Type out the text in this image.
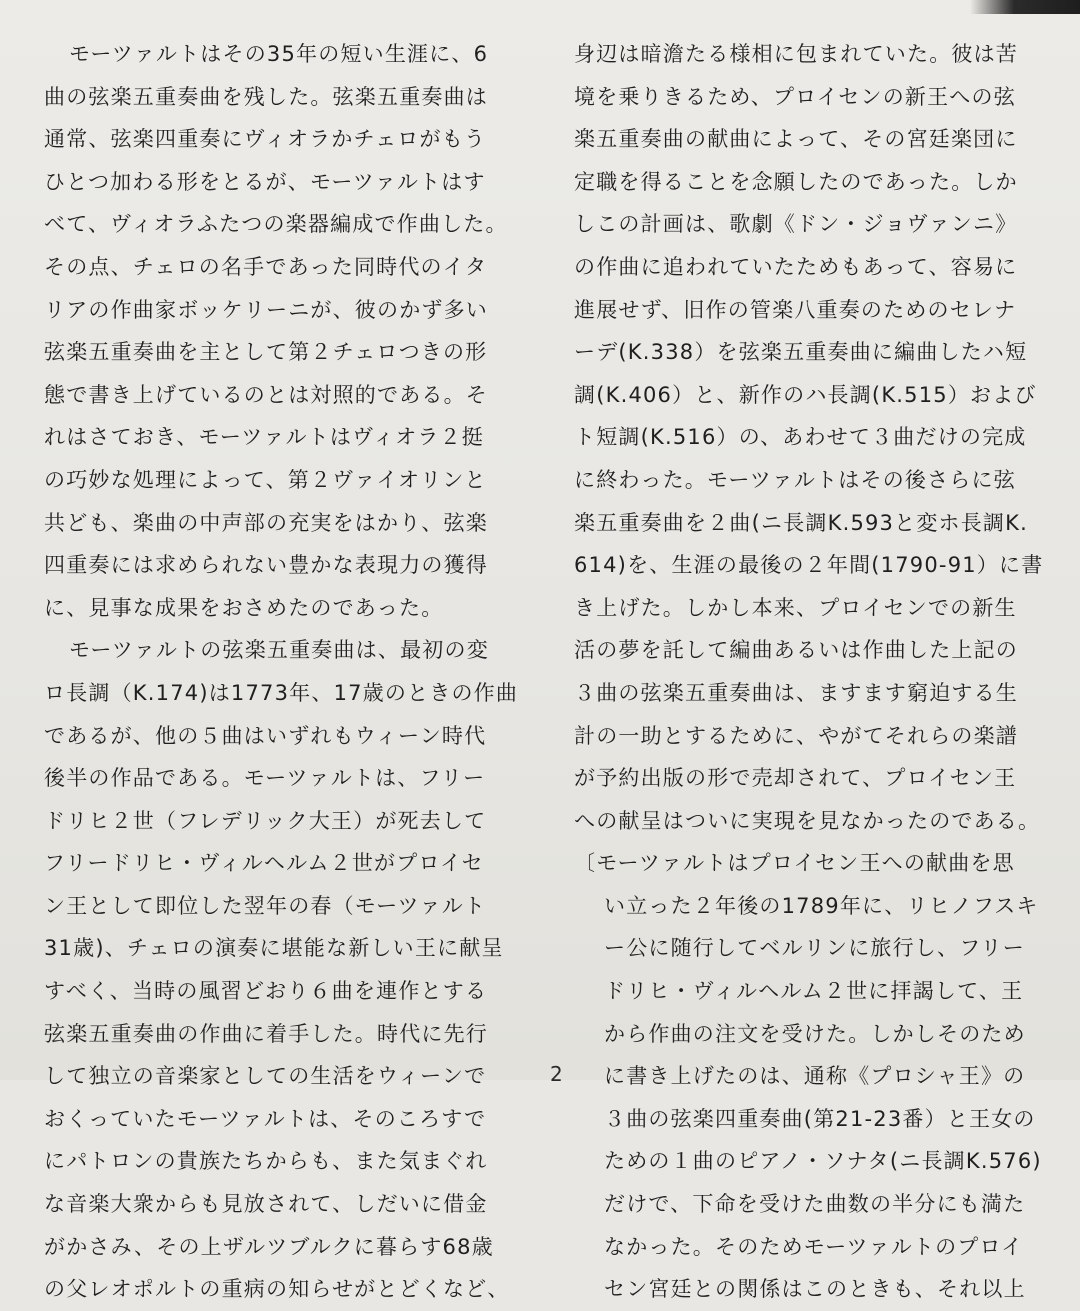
モーツァルトはその35年の短い生涯に、6
曲の弦楽五重奏曲を残した。弦楽五重奏曲は
通常、弦楽四重奏にヴィオラかチェロがもう
ひとつ加わる形をとるが、モーツァルトはす
べて、ヴィオラふたつの楽器編成で作曲した。
その点、チェロの名手であった同時代のイタ
リアの作曲家ボッケリーニが、彼のかず多い
弦楽五重奏曲を主として第２チェロつきの形
態で書き上げているのとは対照的である。そ
れはさておき、モーツァルトはヴィオラ２挺
の巧妙な処理によって、第２ヴァイオリンと
共ども、楽曲の中声部の充実をはかり、弦楽
四重奏には求められない豊かな表現力の獲得
に、見事な成果をおさめたのであった。
モーツァルトの弦楽五重奏曲は、最初の変
ロ長調（K.174)は1773年、17歳のときの作曲
であるが、他の５曲はいずれもウィーン時代
後半の作品である。モーツァルトは、フリー
ドリヒ２世（フレデリック大王）が死去して
フリードリヒ・ヴィルヘルム２世がプロイセ
ン王として即位した翌年の春（モーツァルト
31歳)、チェロの演奏に堪能な新しい王に献呈
すべく、当時の風習どおり６曲を連作とする
弦楽五重奏曲の作曲に着手した。時代に先行
して独立の音楽家としての生活をウィーンで
おくっていたモーツァルトは、そのころすで
にパトロンの貴族たちからも、また気まぐれ
な音楽大衆からも見放されて、しだいに借金
がかさみ、その上ザルツブルクに暮らす68歳
の父レオポルトの重病の知らせがとどくなど、
身辺は暗澹たる様相に包まれていた。彼は苦
境を乗りきるため、プロイセンの新王への弦
楽五重奏曲の献曲によって、その宮廷楽団に
定職を得ることを念願したのであった。しか
しこの計画は、歌劇《ドン・ジョヴァンニ》
の作曲に追われていたためもあって、容易に
進展せず、旧作の管楽八重奏のためのセレナ
ーデ(K.338）を弦楽五重奏曲に編曲したハ短
調(K.406）と、新作のハ長調(K.515）および
ト短調(K.516）の、あわせて３曲だけの完成
に終わった。モーツァルトはその後さらに弦
楽五重奏曲を２曲(ニ長調K.593と変ホ長調K.
614)を、生涯の最後の２年間(1790-91）に書
き上げた。しかし本来、プロイセンでの新生
活の夢を託して編曲あるいは作曲した上記の
３曲の弦楽五重奏曲は、ますます窮迫する生
計の一助とするために、やがてそれらの楽譜
が予約出版の形で売却されて、プロイセン王
への献呈はついに実現を見なかったのである。
〔モーツァルトはプロイセン王への献曲を思
い立った２年後の1789年に、リヒノフスキ
ー公に随行してベルリンに旅行し、フリー
ドリヒ・ヴィルヘルム２世に拝謁して、王
から作曲の注文を受けた。しかしそのため
に書き上げたのは、通称《プロシャ王》の
３曲の弦楽四重奏曲(第21-23番）と王女の
ための１曲のピアノ・ソナタ(ニ長調K.576)
だけで、下命を受けた曲数の半分にも満た
なかった。そのためモーツァルトのプロイ
セン宮廷との関係はこのときも、それ以上
2
